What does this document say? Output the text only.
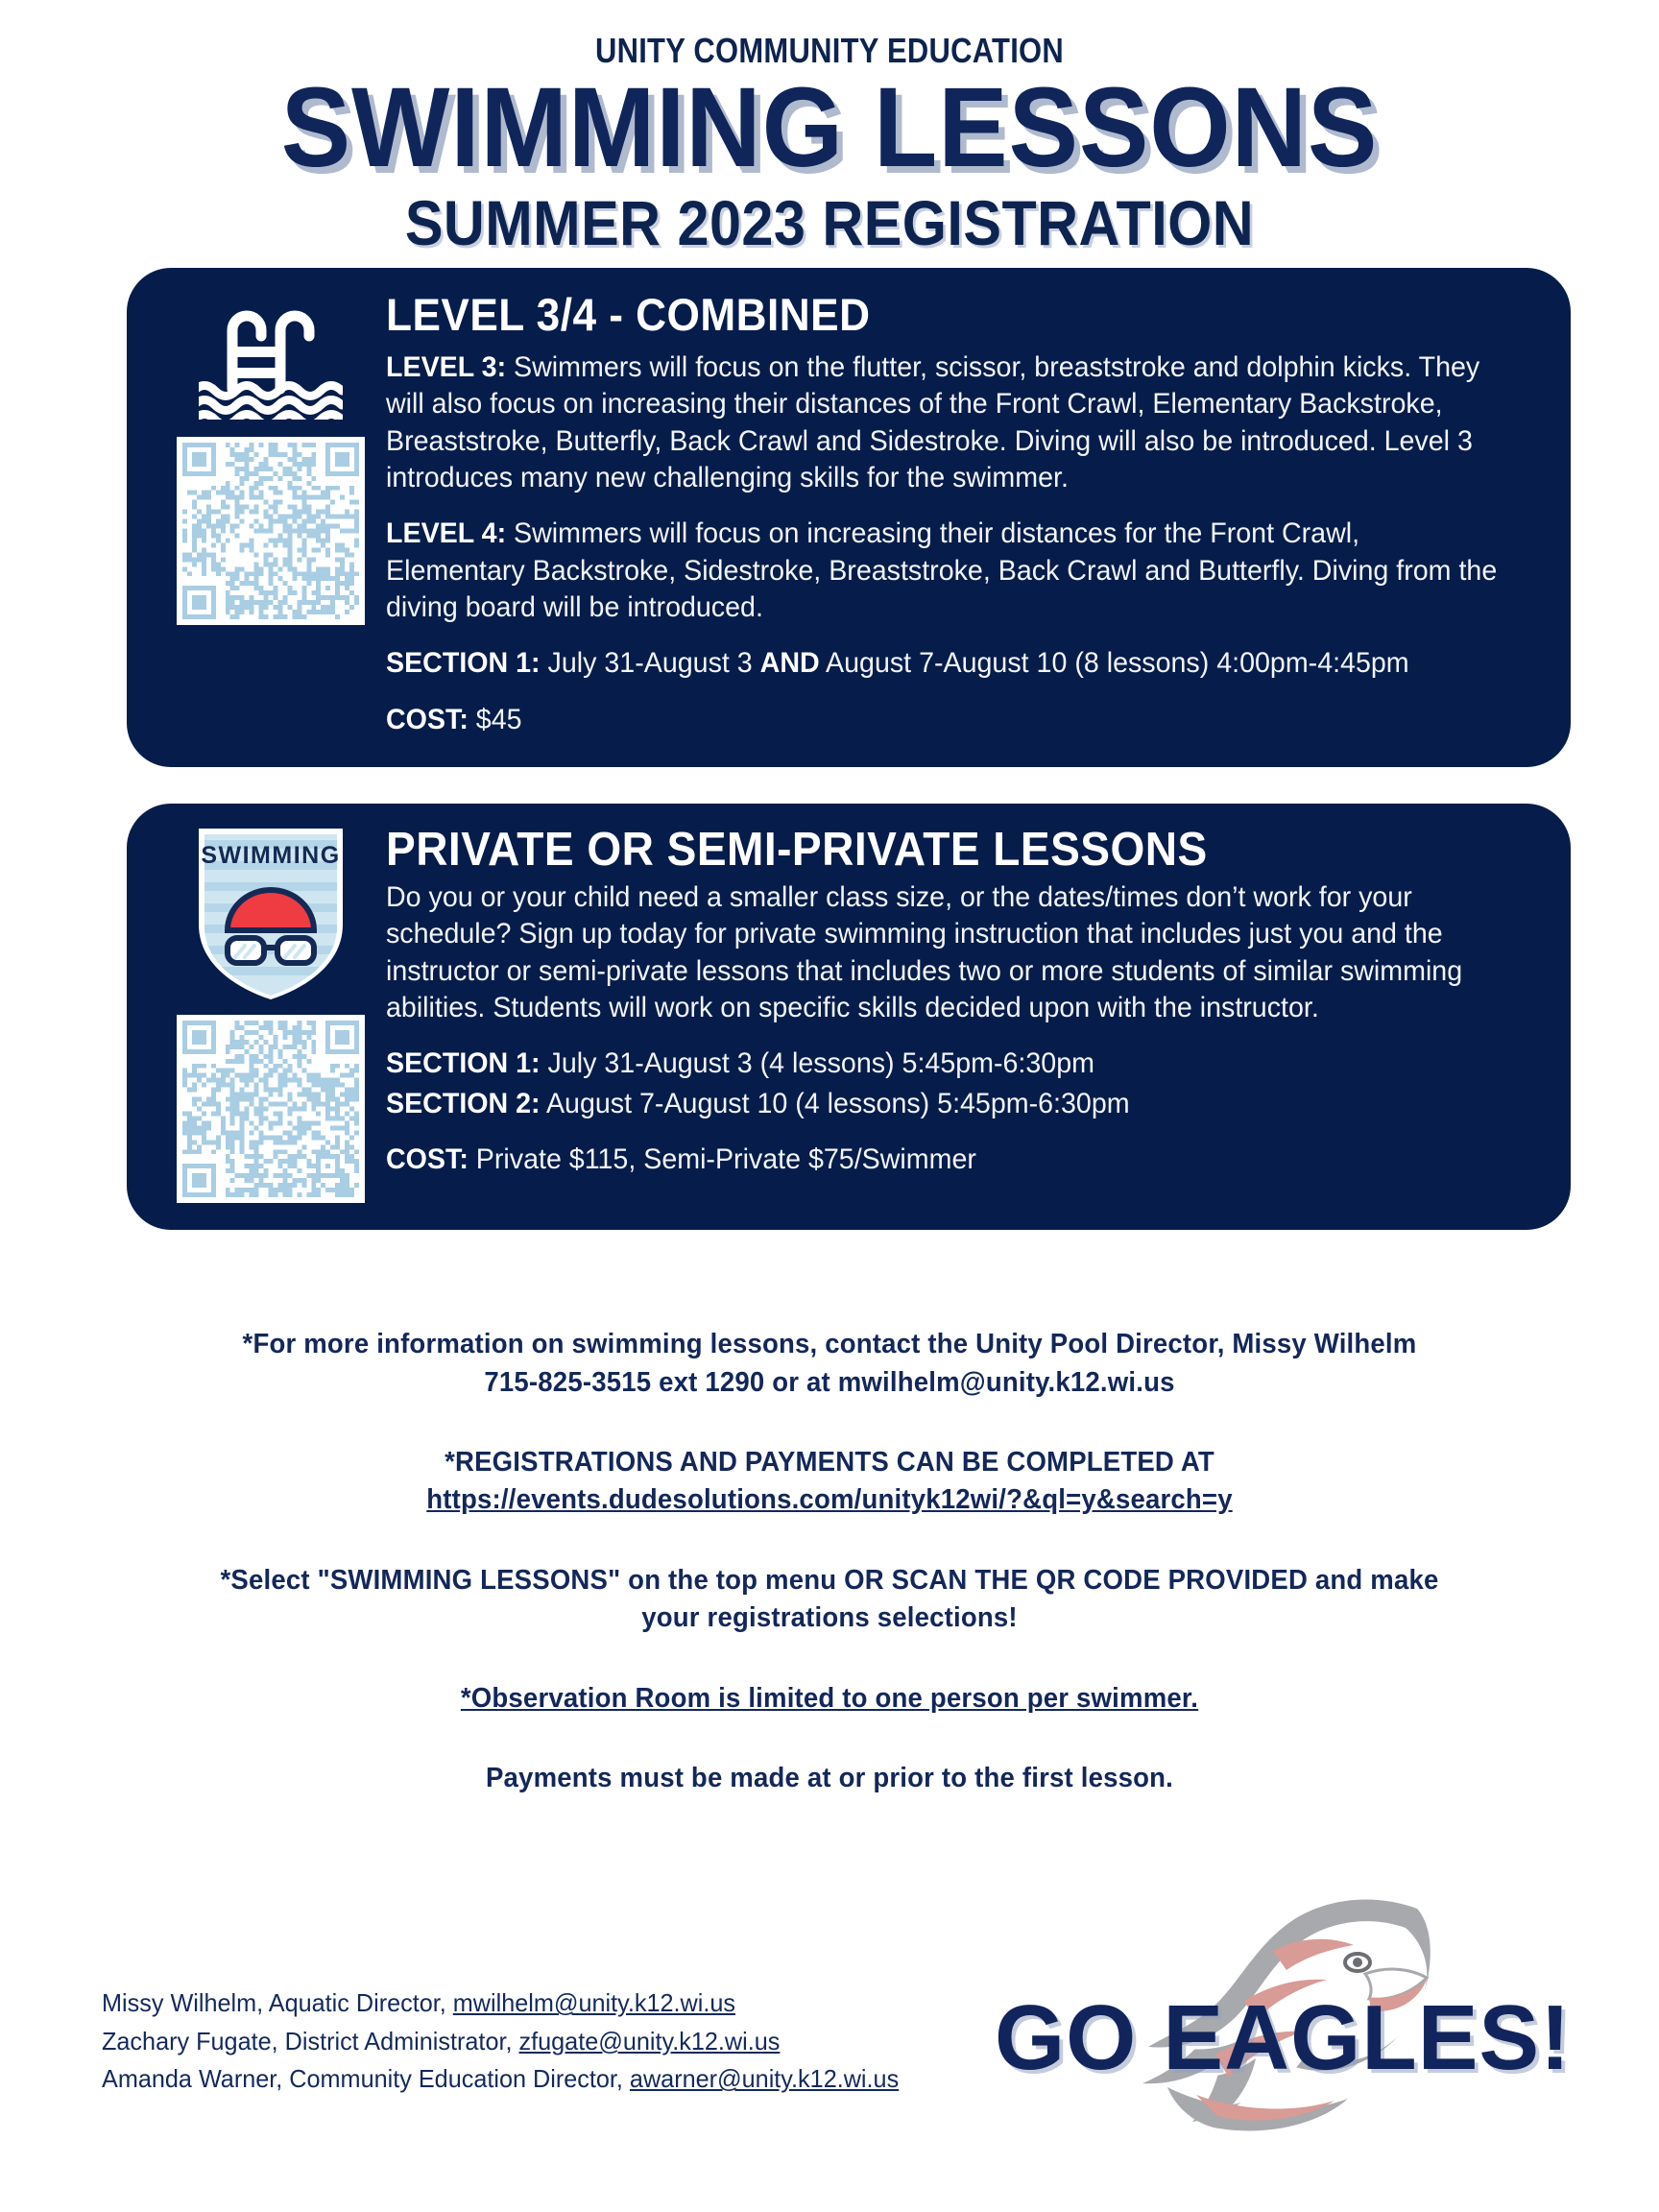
UNITY COMMUNITY EDUCATION
SWIMMING LESSONS
SUMMER 2023 REGISTRATION
LEVEL 3/4 - COMBINED

LEVEL 3: Swimmers will focus on the flutter, scissor, breaststroke and dolphin kicks. They will also focus on increasing their distances of the Front Crawl, Elementary Backstroke, Breaststroke, Butterfly, Back Crawl and Sidestroke. Diving will also be introduced. Level 3 introduces many new challenging skills for the swimmer.

LEVEL 4: Swimmers will focus on increasing their distances for the Front Crawl, Elementary Backstroke, Sidestroke, Breaststroke, Back Crawl and Butterfly. Diving from the diving board will be introduced.

SECTION 1: July 31-August 3 AND August 7-August 10 (8 lessons) 4:00pm-4:45pm

COST: $45

SWIMMING PRIVATE OR SEMI-PRIVATE LESSONS

Do you or your child need a smaller class size, or the dates/times don’t work for your schedule? Sign up today for private swimming instruction that includes just you and the instructor or semi-private lessons that includes two or more students of similar swimming abilities. Students will work on specific skills decided upon with the instructor.

SECTION 1: July 31-August 3 (4 lessons) 5:45pm-6:30pm

SECTION 2: August 7-August 10 (4 lessons) 5:45pm-6:30pm

COST: Private $115, Semi-Private $75/Swimmer

*For more information on swimming lessons, contact the Unity Pool Director, Missy Wilhelm
715-825-3515 ext 1290 or at mwilhelm@unity.k12.wi.us
*REGISTRATIONS AND PAYMENTS CAN BE COMPLETED AT
https://events.dudesolutions.com/unityk12wi/?&ql=y&search=y
*Select "SWIMMING LESSONS" on the top menu OR SCAN THE QR CODE PROVIDED and make
your registrations selections!
*Observation Room is limited to one person per swimmer.
Payments must be made at or prior to the first lesson.
Missy Wilhelm, Aquatic Director, mwilhelm@unity.k12.wi.us
Zachary Fugate, District Administrator, zfugate@unity.k12.wi.us
Amanda Warner, Community Education Director, awarner@unity.k12.wi.us GO EAGLES!
